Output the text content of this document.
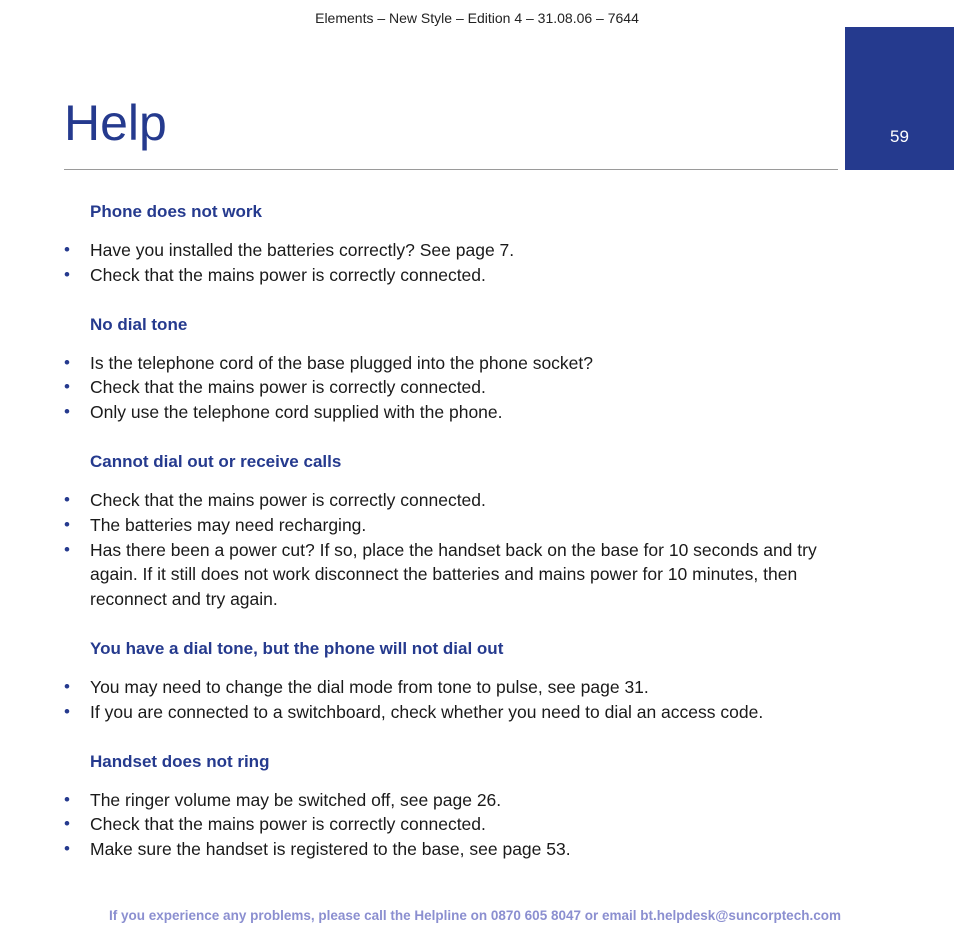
Elements – New Style – Edition 4 – 31.08.06 – 7644
59
Help
Phone does not work
• Have you installed the batteries correctly? See page 7.
• Check that the mains power is correctly connected.
No dial tone
• Is the telephone cord of the base plugged into the phone socket?
• Check that the mains power is correctly connected.
• Only use the telephone cord supplied with the phone.
Cannot dial out or receive calls
• Check that the mains power is correctly connected.
• The batteries may need recharging.
• Has there been a power cut? If so, place the handset back on the base for 10 seconds and try again. If it still does not work disconnect the batteries and mains power for 10 minutes, then reconnect and try again.
You have a dial tone, but the phone will not dial out
• You may need to change the dial mode from tone to pulse, see page 31.
• If you are connected to a switchboard, check whether you need to dial an access code.
Handset does not ring
• The ringer volume may be switched off, see page 26.
• Check that the mains power is correctly connected.
• Make sure the handset is registered to the base, see page 53.
If you experience any problems, please call the Helpline on 0870 605 8047 or email bt.helpdesk@suncorptech.com
